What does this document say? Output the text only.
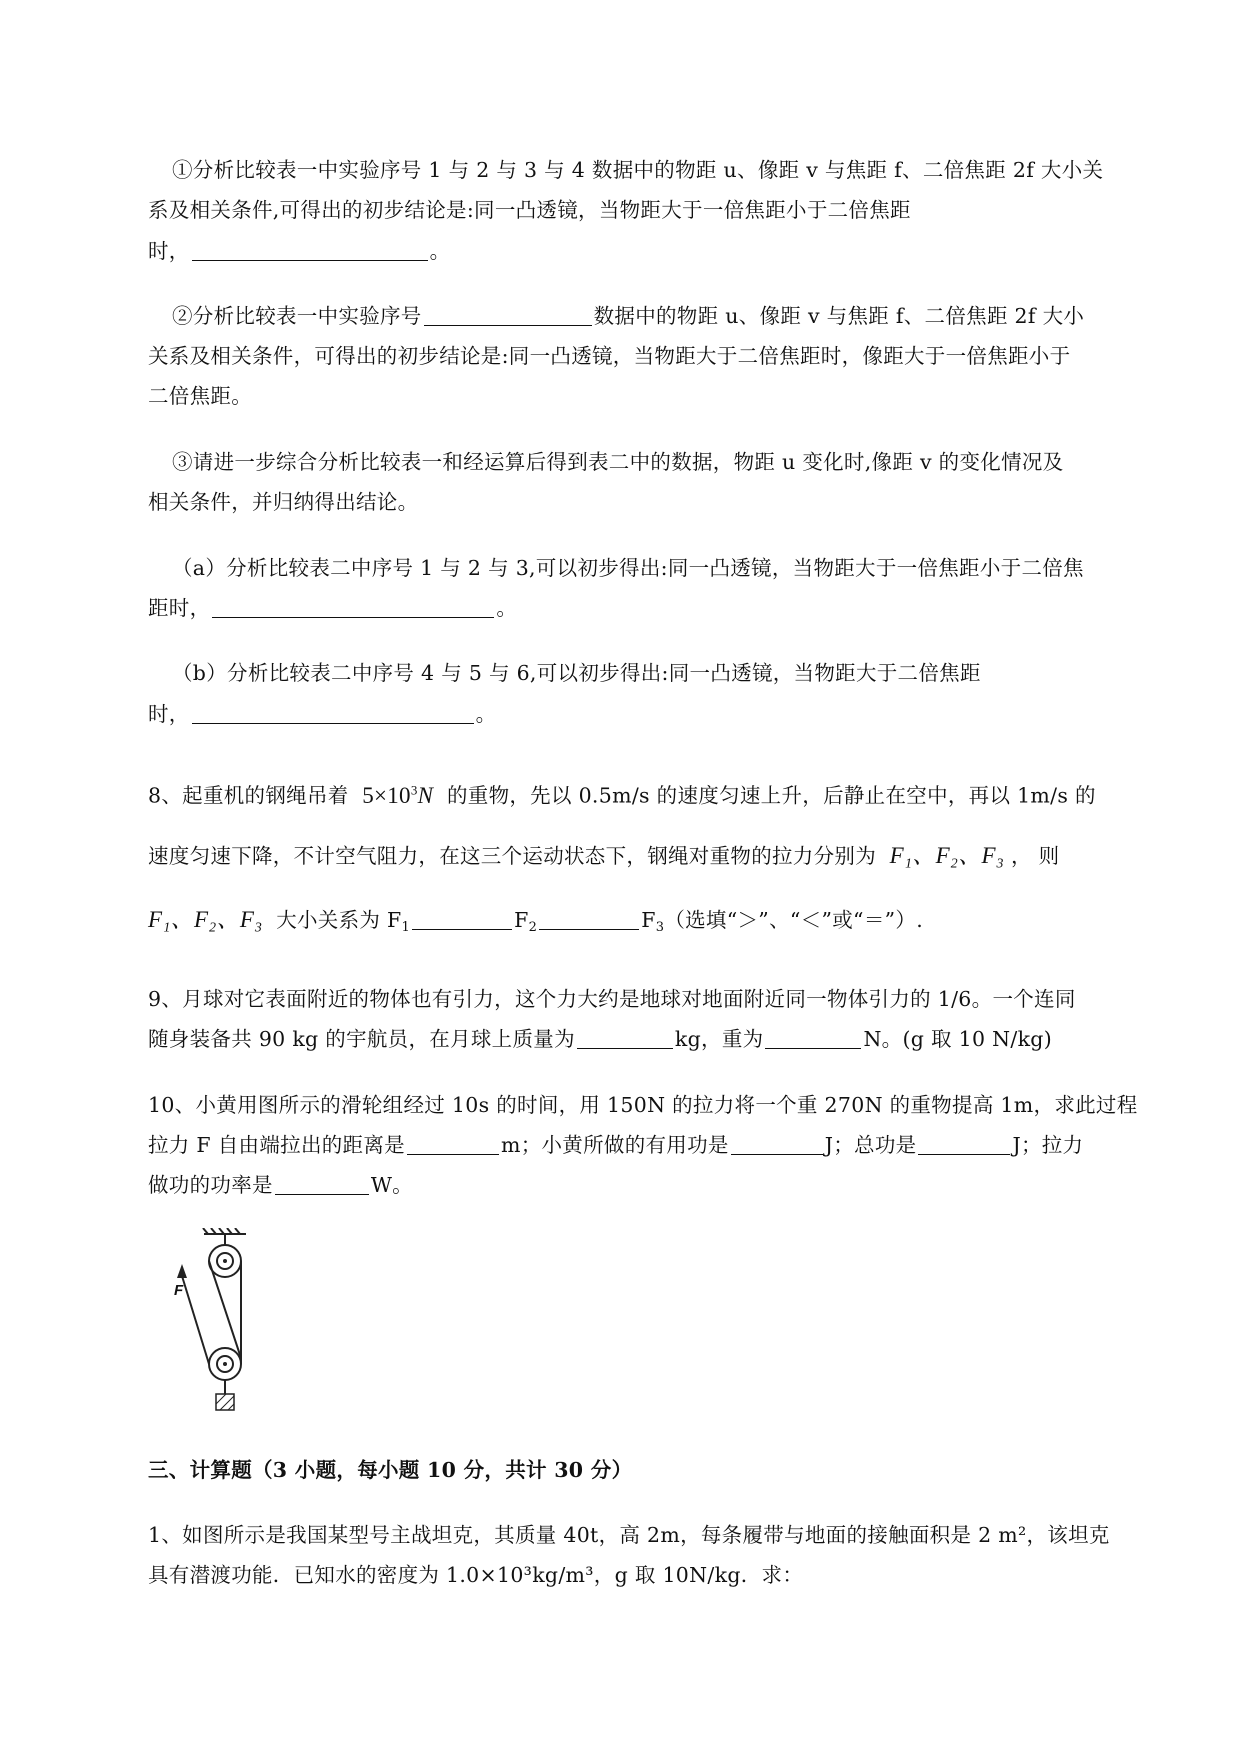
①分析比较表一中实验序号 1 与 2 与 3 与 4 数据中的物距 u、像距 v 与焦距 f、二倍焦距 2f 大小关
系及相关条件,可得出的初步结论是:同一凸透镜，当物距大于一倍焦距小于二倍焦距
时，	。
②分析比较表一中实验序号	数据中的物距 u、像距 v 与焦距 f、二倍焦距 2f 大小
关系及相关条件，可得出的初步结论是:同一凸透镜，当物距大于二倍焦距时，像距大于一倍焦距小于
二倍焦距。
③请进一步综合分析比较表一和经运算后得到表二中的数据，物距 u 变化时,像距 v 的变化情况及
相关条件，并归纳得出结论。
（a）分析比较表二中序号 1 与 2 与 3,可以初步得出:同一凸透镜，当物距大于一倍焦距小于二倍焦
距时，	。
（b）分析比较表二中序号 4 与 5 与 6,可以初步得出:同一凸透镜，当物距大于二倍焦距
时，	。
8、起重机的钢绳吊着 $5\times 10^3N$ 的重物，先以 0.5m/s 的速度匀速上升，后静止在空中，再以 1m/s 的
速度匀速下降，不计空气阻力，在这三个运动状态下，钢绳对重物的拉力分别为 F₁、F₂、F₃ ， 则
F₁、F₂、F₃ 大小关系为 F1	F2	F3（选填“＞”、“＜”或“＝”）.
9、月球对它表面附近的物体也有引力，这个力大约是地球对地面附近同一物体引力的 1/6。一个连同
随身装备共 90 kg 的宇航员，在月球上质量为	kg，重为	N。(g 取 10 N/kg)
10、小黄用图所示的滑轮组经过 10s 的时间，用 150N 的拉力将一个重 270N 的重物提高 1m，求此过程
拉力 F 自由端拉出的距离是	m；小黄所做的有用功是	J；总功是	J；拉力
做功的功率是	W。
F
三、计算题（3 小题，每小题 10 分，共计 30 分）
1、如图所示是我国某型号主战坦克，其质量 40t，高 2m，每条履带与地面的接触面积是 2 m²，该坦克
具有潜渡功能．已知水的密度为 1.0×10³kg/m³，g 取 10N/kg．求：
